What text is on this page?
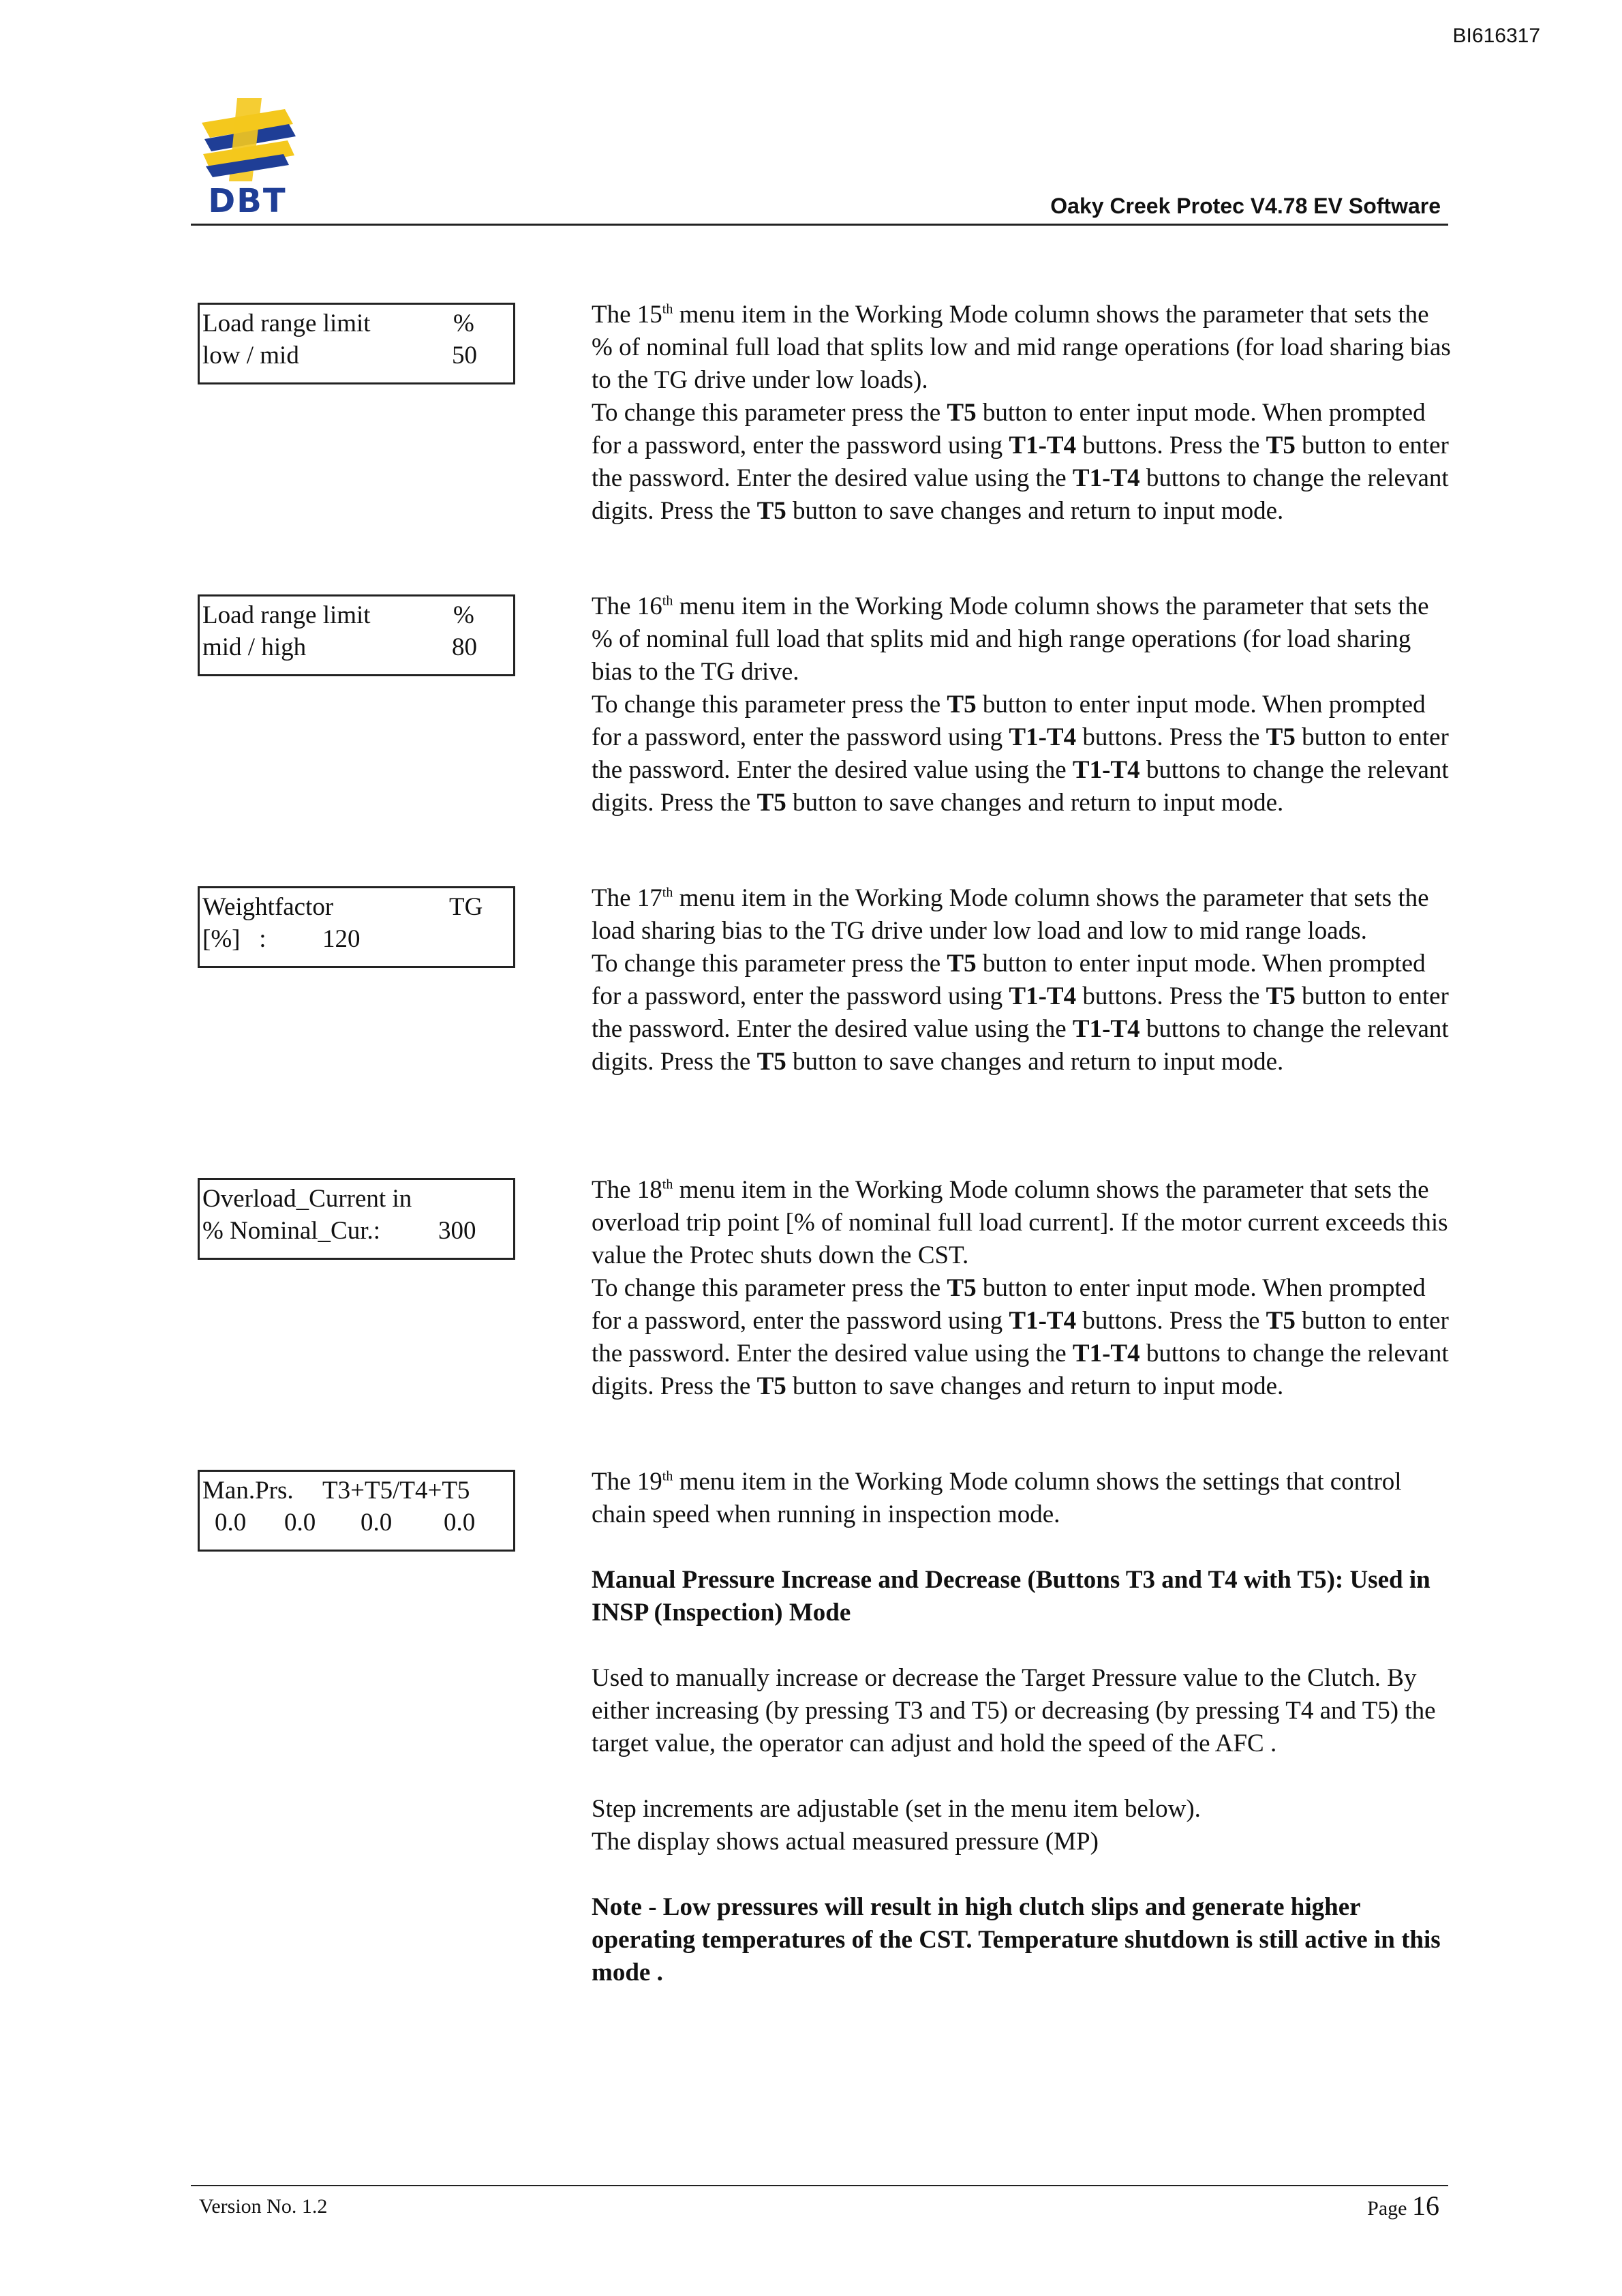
BI616317
DBT	Oaky Creek Protec V4.78 EV Software
Load range limit	%
low / mid	50
Load range limit	%
mid / high	80
Weightfactor	TG
[%]   : 120
Overload_Current in
% Nominal_Cur.: 300
Man.Prs. T3+T5/T4+T5
0.0 0.0 0.0 0.0

The 15th menu item in the Working Mode column shows the parameter that sets the % of nominal full load that splits low and mid range operations (for load sharing bias to the TG drive under low loads).

To change this parameter press the T5 button to enter input mode. When prompted for a password, enter the password using T1-T4 buttons. Press the T5 button to enter the password. Enter the desired value using the T1-T4 buttons to change the relevant digits. Press the T5 button to save changes and return to input mode.

The 16th menu item in the Working Mode column shows the parameter that sets the % of nominal full load that splits mid and high range operations (for load sharing bias to the TG drive.

To change this parameter press the T5 button to enter input mode. When prompted for a password, enter the password using T1-T4 buttons. Press the T5 button to enter the password. Enter the desired value using the T1-T4 buttons to change the relevant digits. Press the T5 button to save changes and return to input mode.

The 17th menu item in the Working Mode column shows the parameter that sets the load sharing bias to the TG drive under low load and low to mid range loads.

To change this parameter press the T5 button to enter input mode. When prompted for a password, enter the password using T1-T4 buttons. Press the T5 button to enter the password. Enter the desired value using the T1-T4 buttons to change the relevant digits. Press the T5 button to save changes and return to input mode.

The 18th menu item in the Working Mode column shows the parameter that sets the overload trip point [% of nominal full load current]. If the motor current exceeds this value the Protec shuts down the CST.

To change this parameter press the T5 button to enter input mode. When prompted for a password, enter the password using T1-T4 buttons. Press the T5 button to enter the password. Enter the desired value using the T1-T4 buttons to change the relevant digits. Press the T5 button to save changes and return to input mode.

The 19th menu item in the Working Mode column shows the settings that control chain speed when running in inspection mode.

Manual Pressure Increase and Decrease (Buttons T3 and T4 with T5): Used in INSP (Inspection) Mode

Used to manually increase or decrease the Target Pressure value to the Clutch. By either increasing (by pressing T3 and T5) or decreasing (by pressing T4 and T5) the target value, the operator can adjust and hold the speed of the AFC .

Step increments are adjustable (set in the menu item below).

The display shows actual measured pressure (MP)

Note - Low pressures will result in high clutch slips and generate higher operating temperatures of the CST. Temperature shutdown is still active in this mode .

Version No. 1.2	Page 16
